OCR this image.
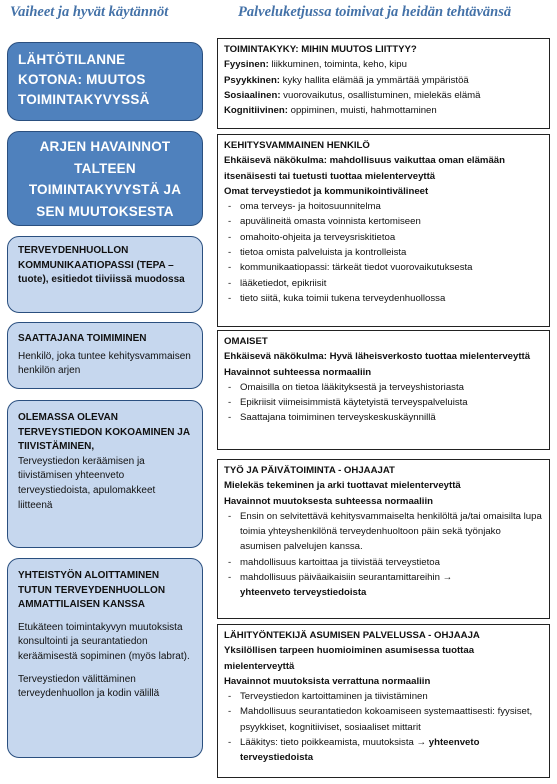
Vaiheet ja hyvät käytännöt	Palveluketjussa toimivat ja heidän tehtävänsä
LÄHTÖTILANNE KOTONA: MUUTOS TOIMINTAKYVYSSÄ
ARJEN HAVAINNOT TALTEEN TOIMINTAKYVYSTÄ JA SEN MUUTOKSESTA
TERVEYDENHUOLLON KOMMUNIKAATIOPASSI (TEPA – tuote), esitiedot tiiviissä muodossa
SAATTAJANA TOIMIMINEN
Henkilö, joka tuntee kehitysvammaisen henkilön arjen
OLEMASSA OLEVAN TERVEYSTIEDON KOKOAMINEN JA TIIVISTÄMINEN,
Terveystiedon keräämisen ja tiivistämisen yhteenveto terveystiedoista, apulomakkeet liitteenä
YHTEISTYÖN ALOITTAMINEN TUTUN TERVEYDENHUOLLON AMMATTILAISEN KANSSA
Etukäteen toimintakyvyn muutoksista konsultointi ja seurantatiedon keräämisestä sopiminen (myös labrat).
Terveystiedon välittäminen terveydenhuollon ja kodin välillä
TOIMINTAKYKY: MIHIN MUUTOS LIITTYY?
Fyysinen: liikkuminen, toiminta, keho, kipu
Psyykkinen: kyky hallita elämää ja ymmärtää ympäristöä
Sosiaalinen: vuorovaikutus, osallistuminen, mielekäs elämä
Kognitiivinen: oppiminen, muisti, hahmottaminen
KEHITYSVAMMAINEN HENKILÖ
Ehkäisevä näkökulma: mahdollisuus vaikuttaa oman elämään itsenäisesti tai tuetusti tuottaa mielenterveyttä
Omat terveystiedot ja kommunikointivälineet
- oma terveys- ja hoitosuunnitelma
- apuvälineitä omasta voinnista kertomiseen
- omahoito-ohjeita ja terveysriskitietoa
- tietoa omista palveluista ja kontrolleista
- kommunikaatiopassi: tärkeät tiedot vuorovaikutuksesta
- lääketiedot, epikriisit
- tieto siitä, kuka toimii tukena terveydenhuollossa
OMAISET
Ehkäisevä näkökulma: Hyvä läheisverkosto tuottaa mielenterveyttä
Havainnot suhteessa normaaliin
- Omaisilla on tietoa lääkityksestä ja terveyshistoriasta
- Epikriisit viimeisimmistä käytetyistä terveyspalveluista
- Saattajana toimiminen terveyskeskuskäynnillä
TYÖ JA PÄIVÄTOIMINTA - OHJAAJAT
Mielekäs tekeminen ja arki tuottavat mielenterveyttä
Havainnot muutoksesta suhteessa normaaliin
- Ensin on selvitettävä kehitysvammaiselta henkilöltä ja/tai omaisilta lupa toimia yhteyshenkilönä terveydenhuoltoon päin sekä työnjako asumisen palvelujen kanssa.
- mahdollisuus kartoittaa ja tiivistää terveystietoa
- mahdollisuus päiväaikaisiin seurantamittareihin →
yhteenveto terveystiedoista
LÄHITYÖNTEKIJÄ ASUMISEN PALVELUSSA - OHJAAJA
Yksilöllisen tarpeen huomioiminen asumisessa tuottaa mielenterveyttä
Havainnot muutoksista verrattuna normaaliin
- Terveystiedon kartoittaminen ja tiivistäminen
- Mahdollisuus seurantatiedon kokoamiseen systemaattisesti: fyysiset, psyykkiset, kognitiiviset, sosiaaliset mittarit
- Lääkitys: tieto poikkeamista, muutoksista → yhteenveto terveystiedoista
